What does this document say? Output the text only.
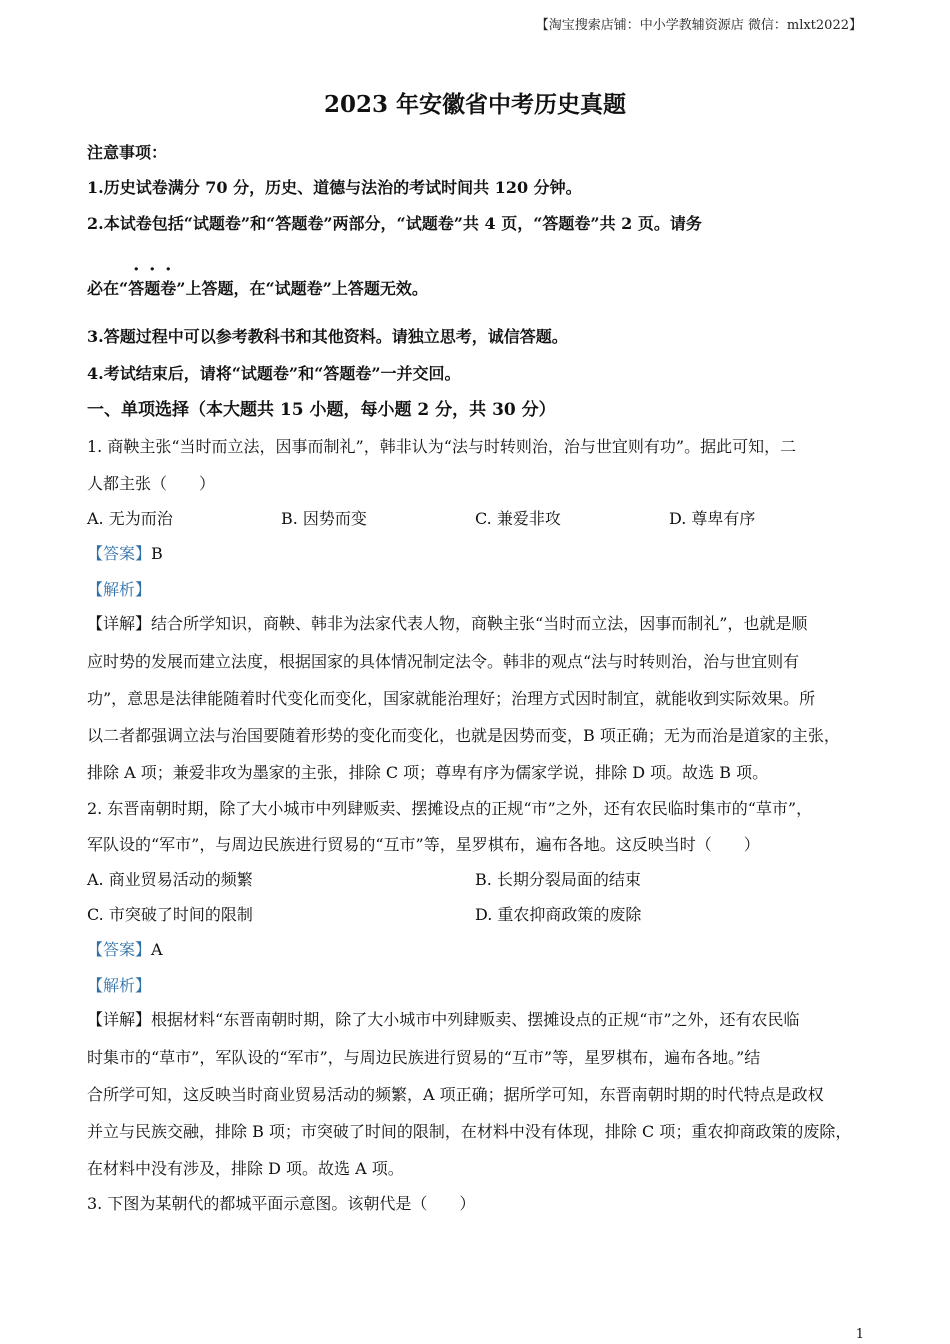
【淘宝搜索店铺：中小学教辅资源店 微信：mlxt2022】
2023 年安徽省中考历史真题
注意事项：
1.历史试卷满分 70 分，历史、道德与法治的考试时间共 120 分钟。
2.本试卷包括“试题卷”和“答题卷”两部分，“试题卷”共 4 页，“答题卷”共 2 页。请务
必在“答题卷”上答题，在“试题卷”上答题无效。
3.答题过程中可以参考教科书和其他资料。请独立思考，诚信答题。
4.考试结束后，请将“试题卷”和“答题卷”一并交回。
一、单项选择（本大题共 15 小题，每小题 2 分，共 30 分）
1. 商鞅主张“当时而立法，因事而制礼”，韩非认为“法与时转则治，治与世宜则有功”。据此可知，二
人都主张（　　）
A. 无为而治	B. 因势而变	C. 兼爱非攻	D. 尊卑有序
【答案】B
【解析】
【详解】结合所学知识，商鞅、韩非为法家代表人物，商鞅主张“当时而立法，因事而制礼”，也就是顺
应时势的发展而建立法度，根据国家的具体情况制定法令。韩非的观点“法与时转则治，治与世宜则有
功”，意思是法律能随着时代变化而变化，国家就能治理好；治理方式因时制宜，就能收到实际效果。所
以二者都强调立法与治国要随着形势的变化而变化，也就是因势而变，B 项正确；无为而治是道家的主张，
排除 A 项；兼爱非攻为墨家的主张，排除 C 项；尊卑有序为儒家学说，排除 D 项。故选 B 项。
2. 东晋南朝时期，除了大小城市中列肆贩卖、摆摊设点的正规“市”之外，还有农民临时集市的“草市”，
军队设的“军市”，与周边民族进行贸易的“互市”等，星罗棋布，遍布各地。这反映当时（　　）
A. 商业贸易活动的频繁	B. 长期分裂局面的结束
C. 市突破了时间的限制	D. 重农抑商政策的废除
【答案】A
【解析】
【详解】根据材料“东晋南朝时期，除了大小城市中列肆贩卖、摆摊设点的正规“市”之外，还有农民临
时集市的“草市”，军队设的“军市”，与周边民族进行贸易的“互市”等，星罗棋布，遍布各地。”结
合所学可知，这反映当时商业贸易活动的频繁，A 项正确；据所学可知，东晋南朝时期的时代特点是政权
并立与民族交融，排除 B 项；市突破了时间的限制，在材料中没有体现，排除 C 项；重农抑商政策的废除，
在材料中没有涉及，排除 D 项。故选 A 项。
3. 下图为某朝代的都城平面示意图。该朝代是（　　）
1
